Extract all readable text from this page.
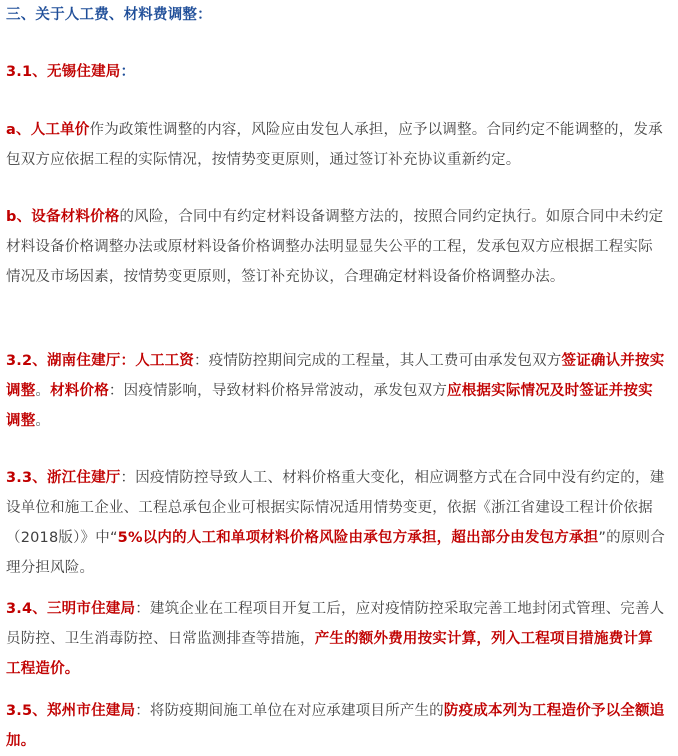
三、关于人工费、材料费调整：

3.1、无锡住建局：

a、人工单价作为政策性调整的内容，风险应由发包人承担，应予以调整。合同约定不能调整的，发承包双方应依据工程的实际情况，按情势变更原则，通过签订补充协议重新约定。

b、设备材料价格的风险，合同中有约定材料设备调整方法的，按照合同约定执行。如原合同中未约定材料设备价格调整办法或原材料设备价格调整办法明显显失公平的工程，发承包双方应根据工程实际情况及市场因素，按情势变更原则，签订补充协议，合理确定材料设备价格调整办法。

3.2、湖南住建厅：人工工资：疫情防控期间完成的工程量，其人工费可由承发包双方签证确认并按实调整。材料价格：因疫情影响，导致材料价格异常波动，承发包双方应根据实际情况及时签证并按实调整。

3.3、浙江住建厅：因疫情防控导致人工、材料价格重大变化，相应调整方式在合同中没有约定的，建设单位和施工企业、工程总承包企业可根据实际情况适用情势变更，依据《浙江省建设工程计价依据（2018版）》中“5%以内的人工和单项材料价格风险由承包方承担，超出部分由发包方承担”的原则合理分担风险。

3.4、三明市住建局：建筑企业在工程项目开复工后，应对疫情防控采取完善工地封闭式管理、完善人员防控、卫生消毒防控、日常监测排查等措施，产生的额外费用按实计算，列入工程项目措施费计算工程造价。

3.5、郑州市住建局：将防疫期间施工单位在对应承建项目所产生的防疫成本列为工程造价予以全额追加。
